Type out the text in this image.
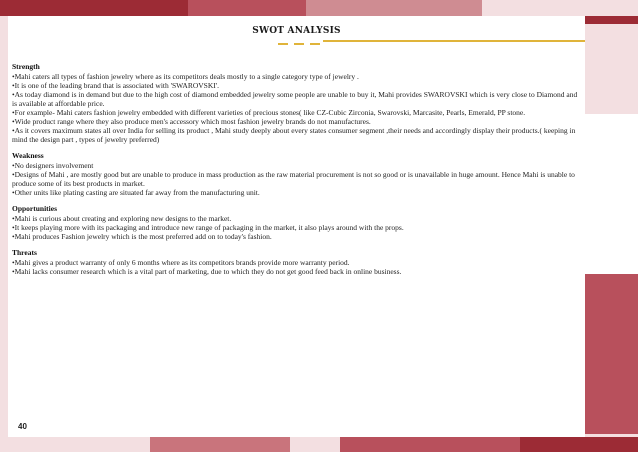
SWOT ANALYSIS
Strength

•Mahi caters all types of fashion jewelry where as its competitors deals mostly to a single category type of jewelry .

•It is one of the leading brand that is associated with 'SWAROVSKI'.

•As today diamond is in demand but due to the high cost of diamond embedded jewelry some people are unable to buy it, Mahi provides SWAROVSKI which is very close to Diamond and is available at affordable price.

•For example- Mahi caters fashion jewelry embedded with different varieties of precious stones( like CZ-Cubic Zirconia, Swarovski, Marcasite, Pearls, Emerald, PP stone.

•Wide product range where they also produce men's accessory which most fashion jewelry brands do not manufactures.

•As it covers maximum states all over India for selling its product , Mahi study deeply about every states consumer segment ,their needs and accordingly display their products.( keeping in mind the design part , types of jewelry preferred)

Weakness

•No designers involvement

•Designs of Mahi , are mostly good but are unable to produce in mass production as the raw material procurement is not so good or is unavailable in huge amount. Hence Mahi is unable to produce some of its best products in market.

•Other units like plating casting are situated far away from the manufacturing unit.

Opportunities

•Mahi is curious about creating and exploring new designs to the market.

•It keeps playing more with its packaging and introduce new range of packaging in the market, it also plays around with the props.

•Mahi produces Fashion jewelry which is the most preferred add on to today's fashion.

Threats

•Mahi gives a product warranty of only 6 months where as its competitors brands provide more warranty period.

•Mahi lacks consumer research which is a vital part of marketing, due to which they do not get good feed back in online business.

40
